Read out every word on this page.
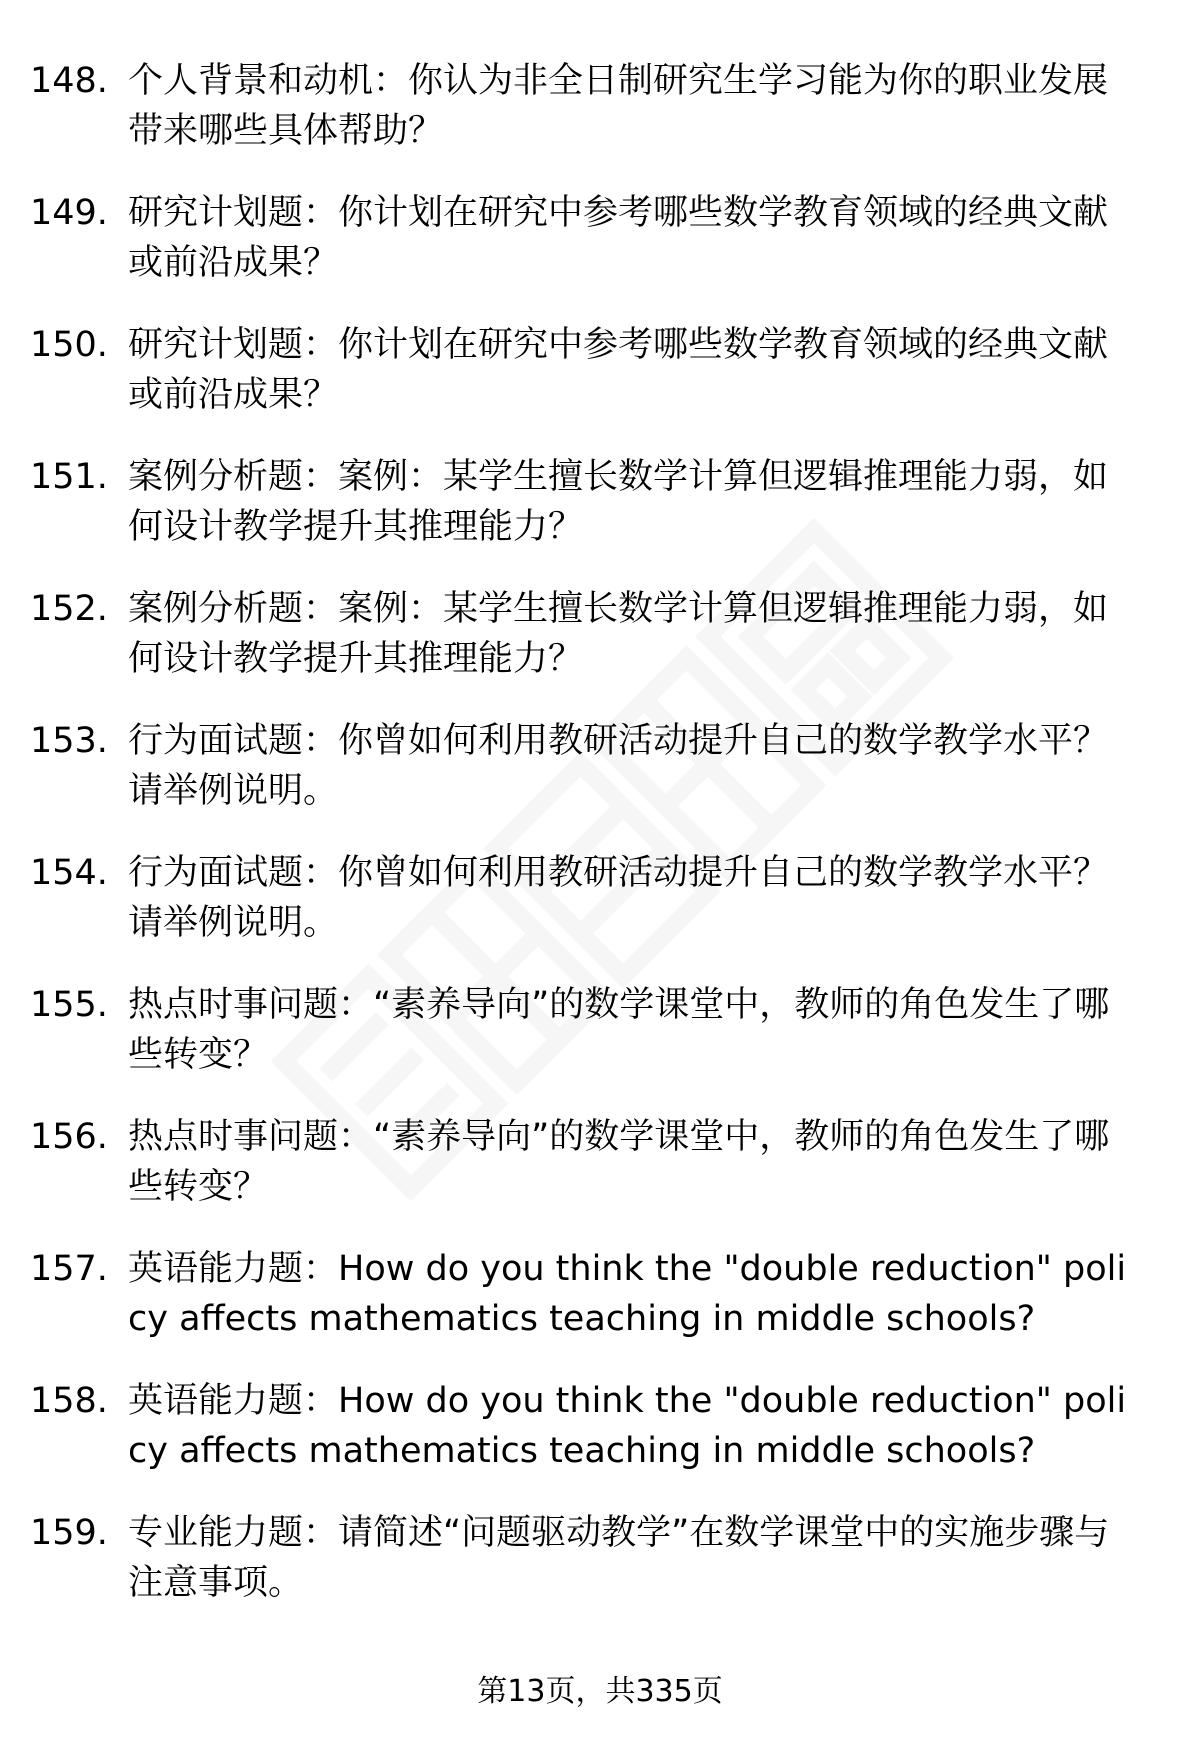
148. 个人背景和动机：你认为非全日制研究生学习能为你的职业发展带来哪些具体帮助？
149. 研究计划题：你计划在研究中参考哪些数学教育领域的经典文献或前沿成果？
150. 研究计划题：你计划在研究中参考哪些数学教育领域的经典文献或前沿成果？
151. 案例分析题：案例：某学生擅长数学计算但逻辑推理能力弱，如何设计教学提升其推理能力？
152. 案例分析题：案例：某学生擅长数学计算但逻辑推理能力弱，如何设计教学提升其推理能力？
153. 行为面试题：你曾如何利用教研活动提升自己的数学教学水平？请举例说明。
154. 行为面试题：你曾如何利用教研活动提升自己的数学教学水平？请举例说明。
155. 热点时事问题：“素养导向”的数学课堂中，教师的角色发生了哪些转变？
156. 热点时事问题：“素养导向”的数学课堂中，教师的角色发生了哪些转变？
157. 英语能力题：How do you think the "double reduction" policy affects mathematics teaching in middle schools?
158. 英语能力题：How do you think the "double reduction" policy affects mathematics teaching in middle schools?
159. 专业能力题：请简述“问题驱动教学”在数学课堂中的实施步骤与注意事项。
第13页，共335页
